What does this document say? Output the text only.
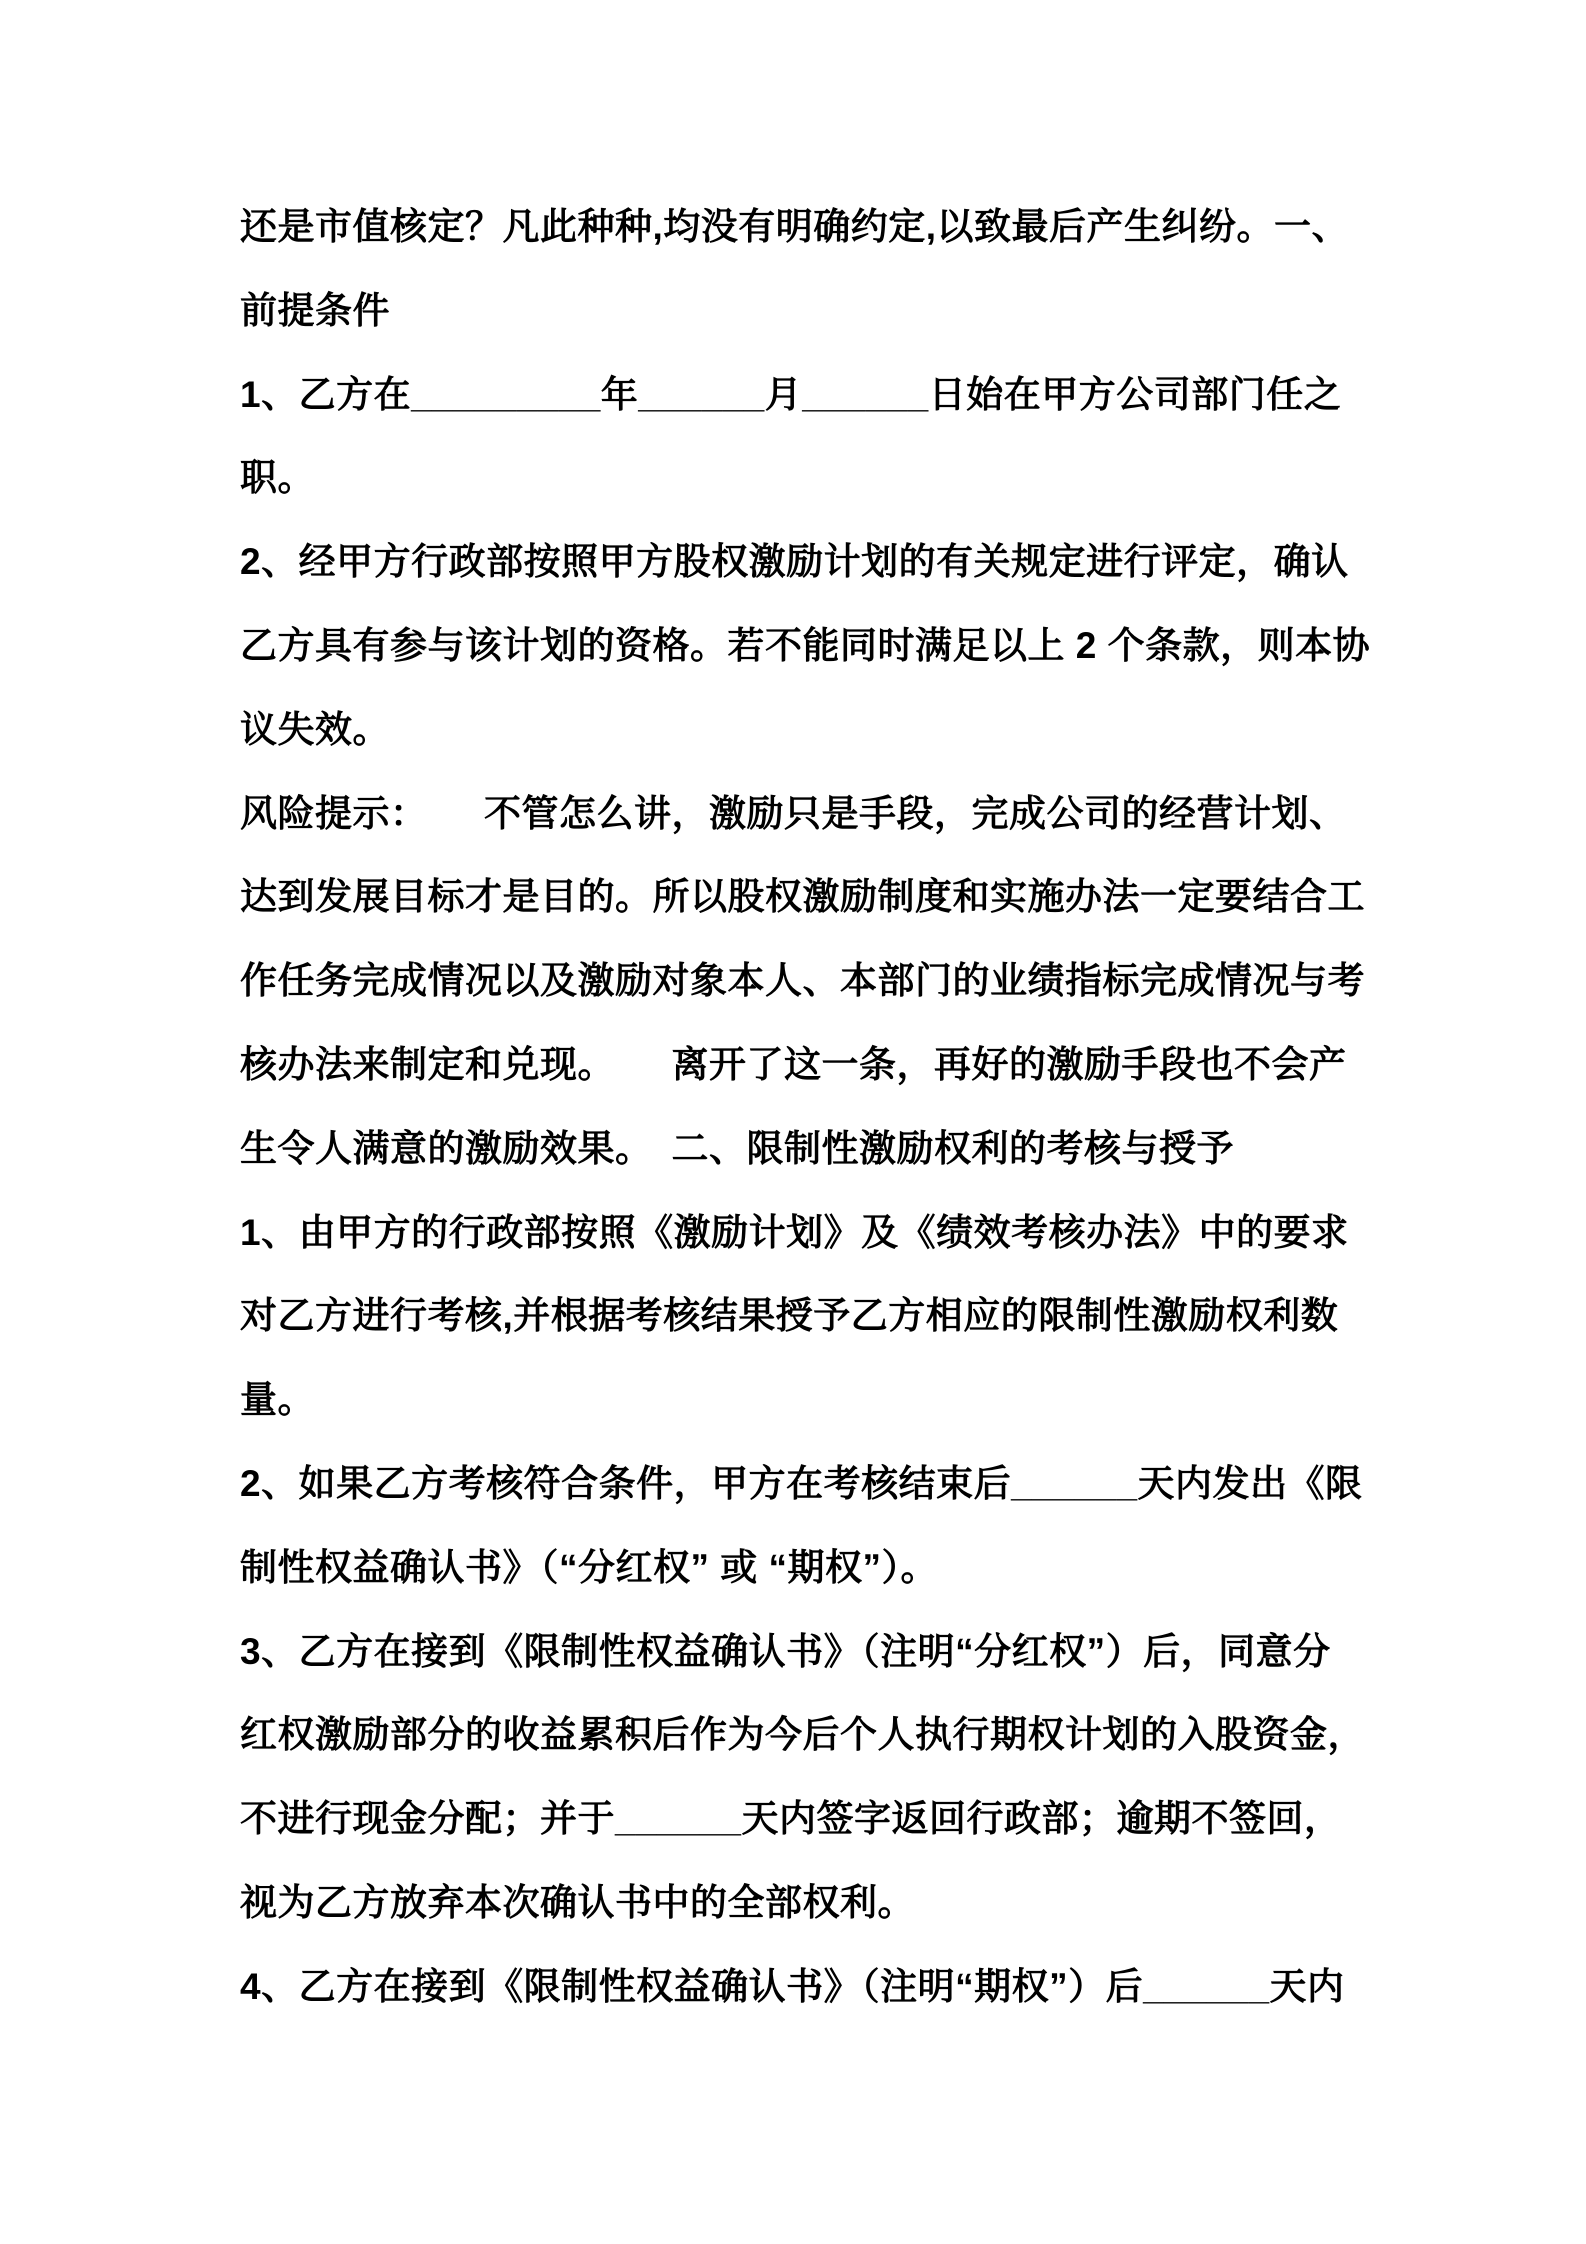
还是市值核定？凡此种种,均没有明确约定,以致最后产生纠纷。一、
前提条件
1、乙方在_________年______月______日始在甲方公司部门任之
职。
2、经甲方行政部按照甲方股权激励计划的有关规定进行评定，确认
乙方具有参与该计划的资格。若不能同时满足以上 2 个条款，则本协
议失效。
风险提示：　　不管怎么讲，激励只是手段，完成公司的经营计划、
达到发展目标才是目的。所以股权激励制度和实施办法一定要结合工
作任务完成情况以及激励对象本人、本部门的业绩指标完成情况与考
核办法来制定和兑现。　　离开了这一条，再好的激励手段也不会产
生令人满意的激励效果。　二、限制性激励权利的考核与授予
1、由甲方的行政部按照《激励计划》及《绩效考核办法》中的要求
对乙方进行考核,并根据考核结果授予乙方相应的限制性激励权利数
量。
2、如果乙方考核符合条件，甲方在考核结束后______天内发出《限
制性权益确认书》（“分红权” 或 “期权”）。
3、乙方在接到《限制性权益确认书》（注明“分红权”）后，同意分
红权激励部分的收益累积后作为今后个人执行期权计划的入股资金，
不进行现金分配；并于______天内签字返回行政部；逾期不签回，
视为乙方放弃本次确认书中的全部权利。
4、乙方在接到《限制性权益确认书》（注明“期权”）后______天内
